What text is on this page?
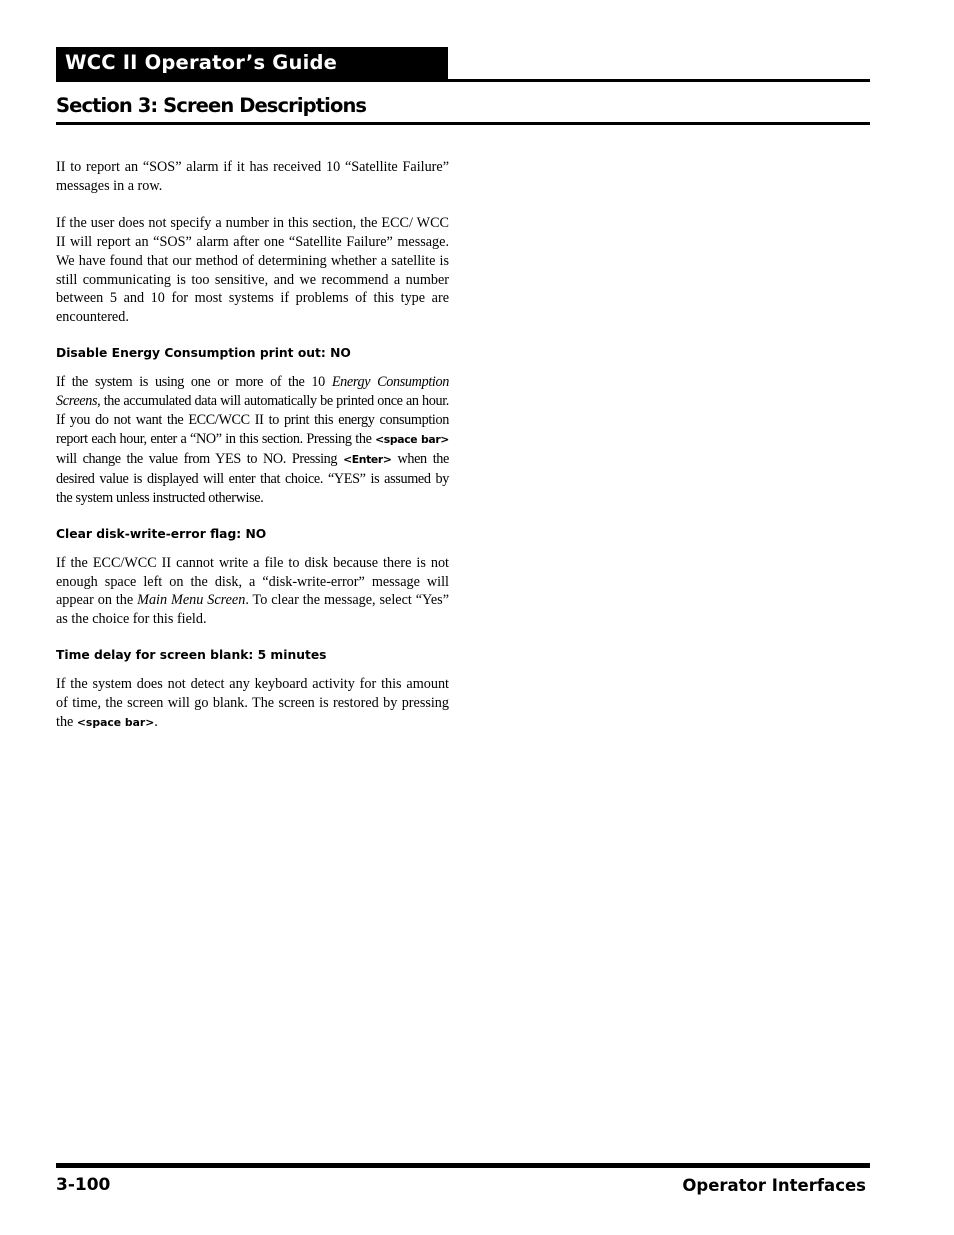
WCC II Operator’s Guide
Section 3: Screen Descriptions

II to report an “SOS” alarm if it has received 10 “Satellite Failure” messages in a row.

If the user does not specify a number in this section, the ECC/ WCC II will report an “SOS” alarm after one “Satellite Failure” message. We have found that our method of determining whether a satellite is still communicating is too sensitive, and we recommend a number between 5 and 10 for most systems if problems of this type are encountered.

Disable Energy Consumption print out: NO

If the system is using one or more of the 10 Energy Consumption Screens, the accumulated data will automatically be printed once an hour. If you do not want the ECC/WCC II to print this energy consumption report each hour, enter a “NO” in this section. Pressing the <space bar> will change the value from YES to NO. Pressing <Enter> when the desired value is displayed will enter that choice. “YES” is assumed by the system unless instructed otherwise.

Clear disk-write-error flag: NO

If the ECC/WCC II cannot write a file to disk because there is not enough space left on the disk, a “disk-write-error” message will appear on the Main Menu Screen. To clear the message, select “Yes” as the choice for this field.

Time delay for screen blank: 5 minutes

If the system does not detect any keyboard activity for this amount of time, the screen will go blank. The screen is restored by pressing the <space bar>.

3-100	Operator Interfaces
